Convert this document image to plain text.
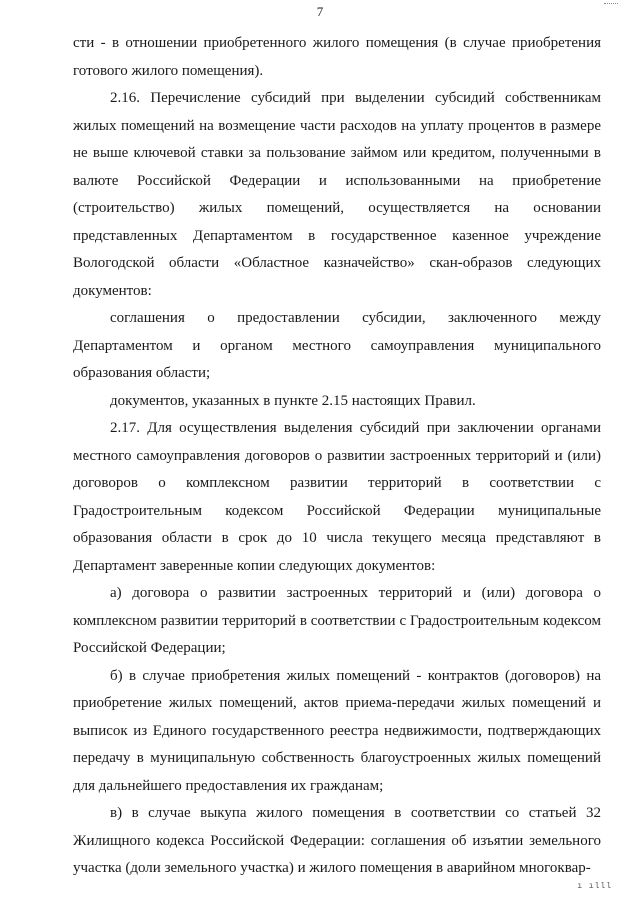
7

сти - в отношении приобретенного жилого помещения (в случае приобретения готового жилого помещения).

2.16. Перечисление субсидий при выделении субсидий собственникам жилых помещений на возмещение части расходов на уплату процентов в размере не выше ключевой ставки за пользование займом или кредитом, полученными в валюте Российской Федерации и использованными на приобретение (строительство) жилых помещений, осуществляется на основании представленных Департаментом в государственное казенное учреждение Вологодской области «Областное казначейство» скан-образов следующих документов:

соглашения о предоставлении субсидии, заключенного между Департаментом и органом местного самоуправления муниципального образования области;

документов, указанных в пункте 2.15 настоящих Правил.

2.17. Для осуществления выделения субсидий при заключении органами местного самоуправления договоров о развитии застроенных территорий и (или) договоров о комплексном развитии территорий в соответствии с Градостроительным кодексом Российской Федерации муниципальные образования области в срок до 10 числа текущего месяца представляют в Департамент заверенные копии следующих документов:

а) договора о развитии застроенных территорий и (или) договора о комплексном развитии территорий в соответствии с Градостроительным кодексом Российской Федерации;

б) в случае приобретения жилых помещений - контрактов (договоров) на приобретение жилых помещений, актов приема-передачи жилых помещений и выписок из Единого государственного реестра недвижимости, подтверждающих передачу в муниципальную собственность благоустроенных жилых помещений для дальнейшего предоставления их гражданам;

в) в случае выкупа жилого помещения в соответствии со статьей 32 Жилищного кодекса Российской Федерации: соглашения об изъятии земельного участка (доли земельного участка) и жилого помещения в аварийном многоквар-

ı ılll
